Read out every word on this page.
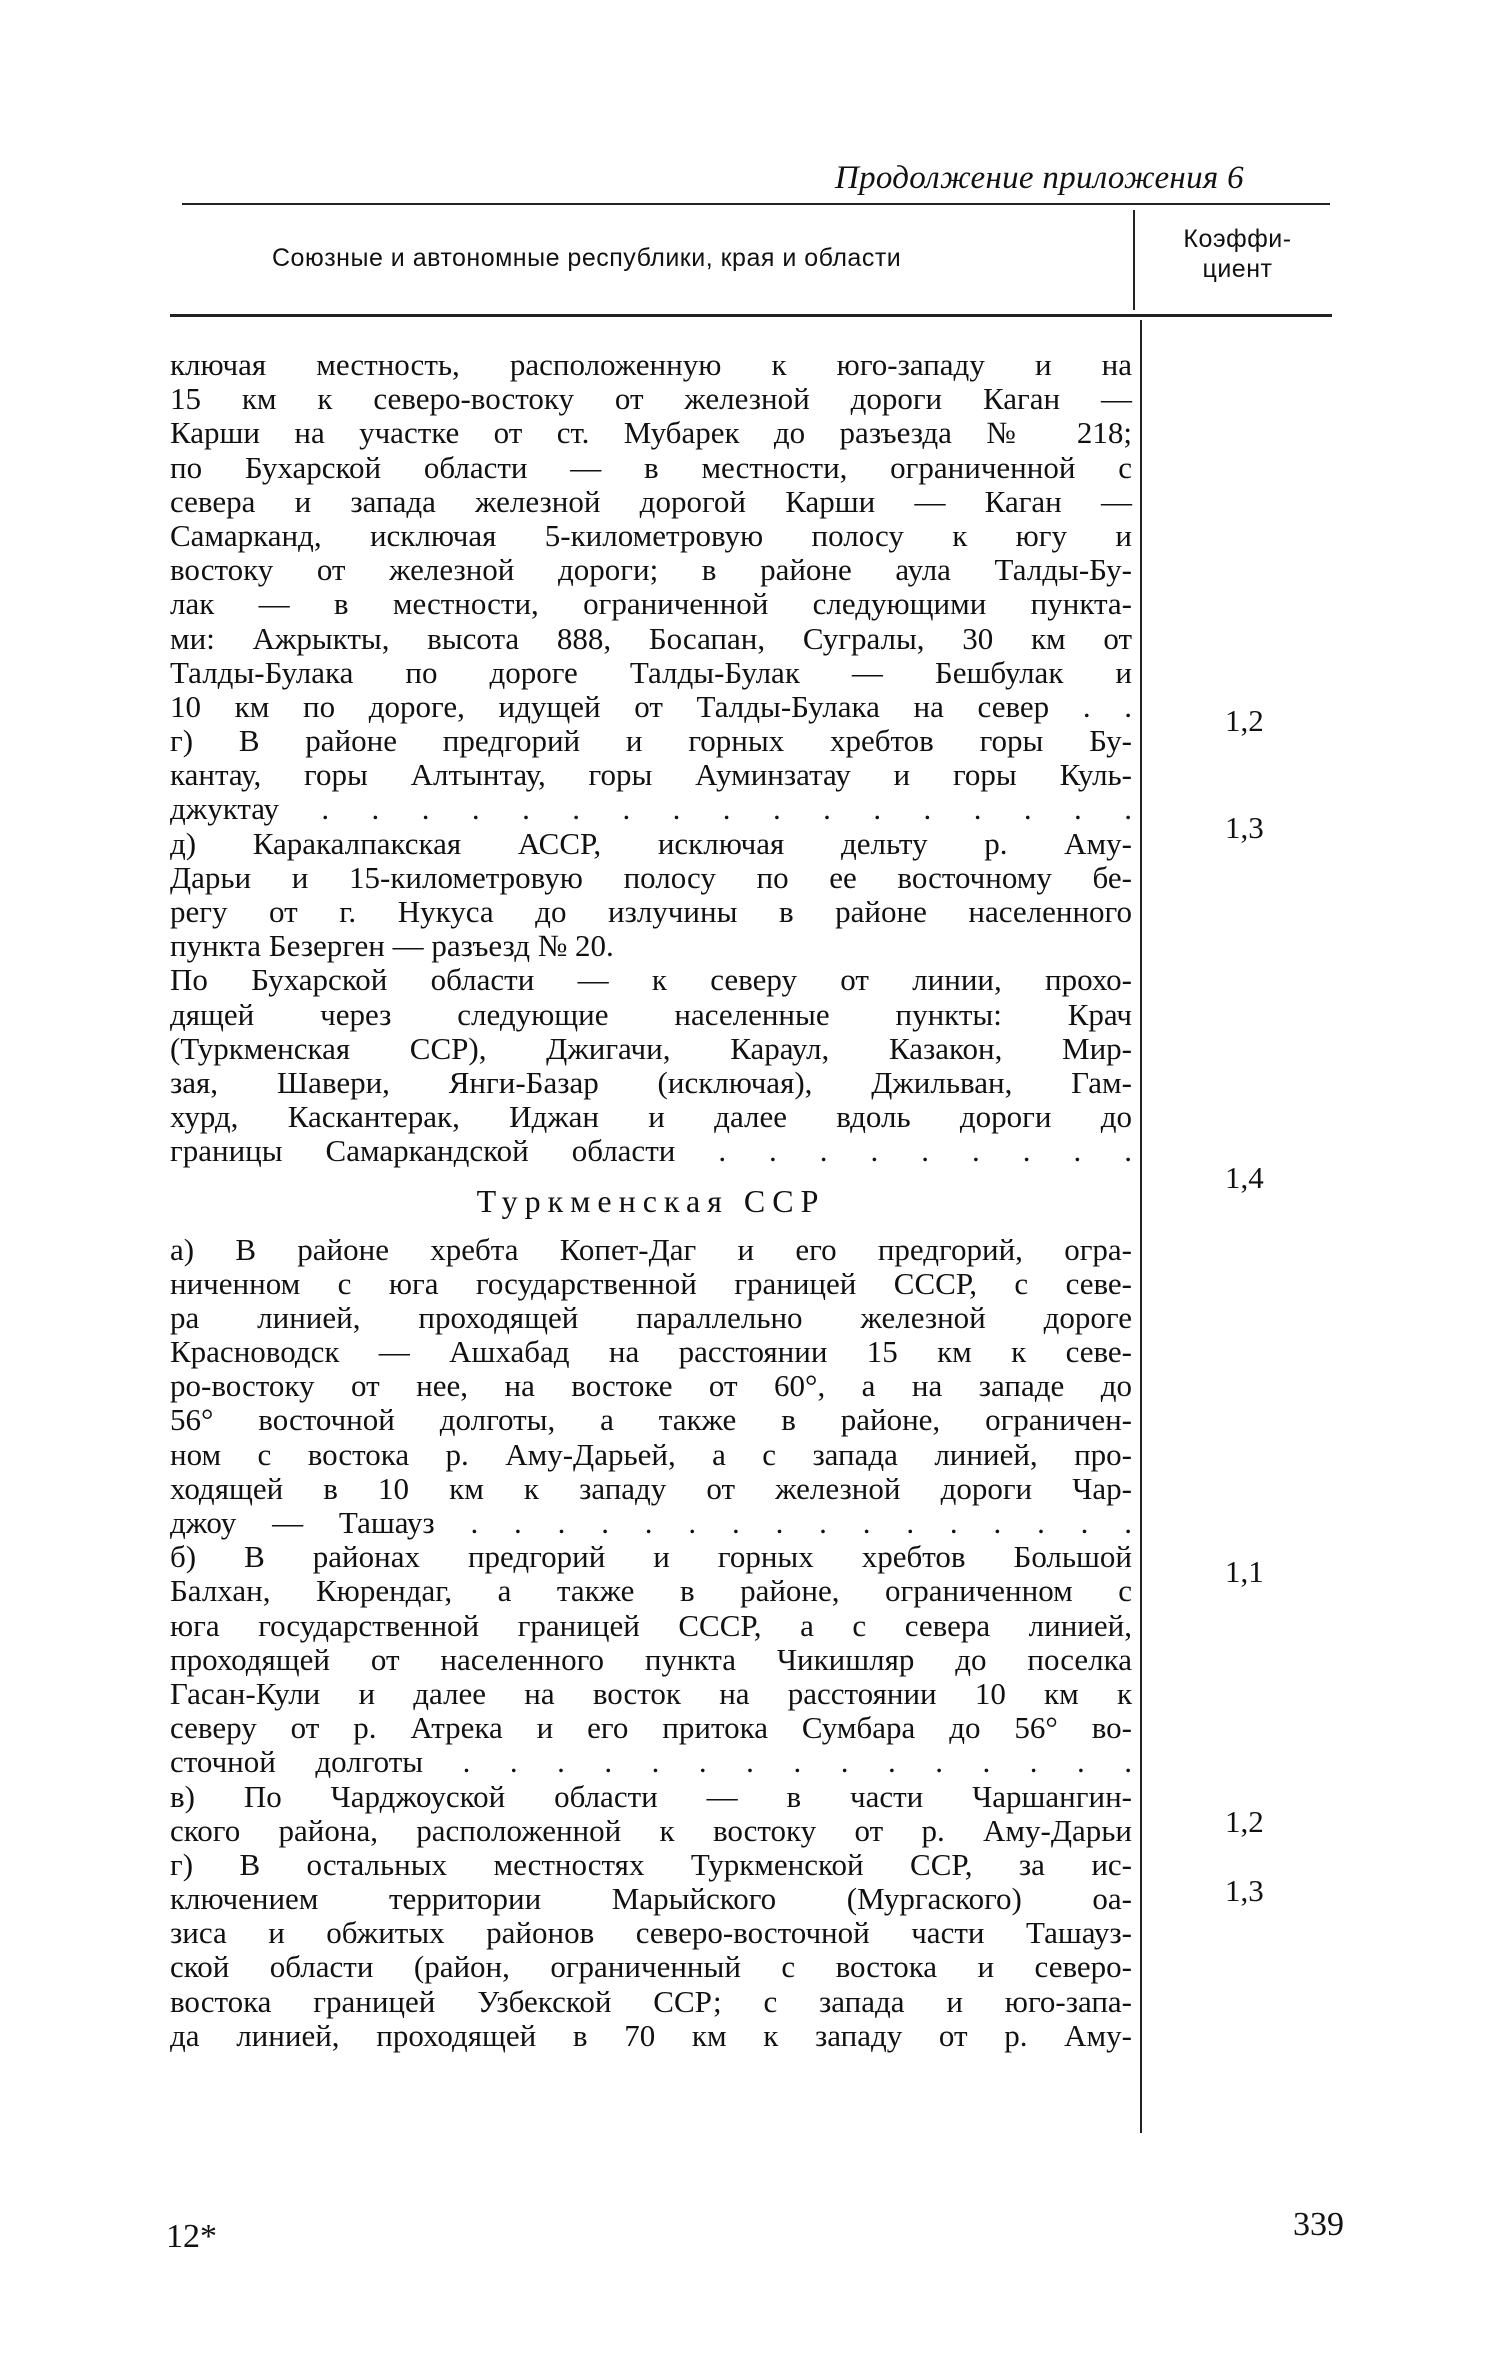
Продолжение приложения 6
Союзные и автономные республики, края и области
Коэффи-
циент
ключая местность, расположенную к юго-западу и на
15 км к северо-востоку от железной дороги Каган —
Карши на участке от ст. Мубарек до разъезда № 218;
по Бухарской области — в местности, ограниченной с
севера и запада железной дорогой Карши — Каган —
Самарканд, исключая 5-километровую полосу к югу и
востоку от железной дороги; в районе аула Талды-Бу-
лак — в местности, ограниченной следующими пункта-
ми: Ажрыкты, высота 888, Босапан, Сугралы, 30 км от
Талды-Булака по дороге Талды-Булак — Бешбулак и
10 км по дороге, идущей от Талды-Булака на север . .
г) В районе предгорий и горных хребтов горы Бу-
кантау, горы Алтынтау, горы Ауминзатау и горы Куль-
джуктау . . . . . . . . . . . . . . . . .
д) Каракалпакская АССР, исключая дельту р. Аму-
Дарьи и 15-километровую полосу по ее восточному бе-
регу от г. Нукуса до излучины в районе населенного
пункта Безерген — разъезд № 20.
По Бухарской области — к северу от линии, прохо-
дящей через следующие населенные пункты: Крач
(Туркменская ССР), Джигачи, Караул, Казакон, Мир-
зая, Шавери, Янги-Базар (исключая), Джильван, Гам-
хурд, Каскантерак, Иджан и далее вдоль дороги до
границы Самаркандской области . . . . . . . . .
Туркменская ССР
а) В районе хребта Копет-Даг и его предгорий, огра-
ниченном с юга государственной границей СССР, с севе-
ра линией, проходящей параллельно железной дороге
Красноводск — Ашхабад на расстоянии 15 км к севе-
ро-востоку от нее, на востоке от 60°, а на западе до
56° восточной долготы, а также в районе, ограничен-
ном с востока р. Аму-Дарьей, а с запада линией, про-
ходящей в 10 км к западу от железной дороги Чар-
джоу — Ташауз . . . . . . . . . . . . . . . .
б) В районах предгорий и горных хребтов Большой
Балхан, Кюрендаг, а также в районе, ограниченном с
юга государственной границей СССР, а с севера линией,
проходящей от населенного пункта Чикишляр до поселка
Гасан-Кули и далее на восток на расстоянии 10 км к
северу от р. Атрека и его притока Сумбара до 56° во-
сточной долготы . . . . . . . . . . . . . . .
в) По Чарджоуской области — в части Чаршангин-
ского района, расположенной к востоку от р. Аму-Дарьи
г) В остальных местностях Туркменской ССР, за ис-
ключением территории Марыйского (Мургаского) оа-
зиса и обжитых районов северо-восточной части Ташауз-
ской области (район, ограниченный с востока и северо-
востока границей Узбекской ССР; с запада и юго-запа-
да линией, проходящей в 70 км к западу от р. Аму-
1,2
1,3
1,4
1,1
1,2
1,3
12*	339
